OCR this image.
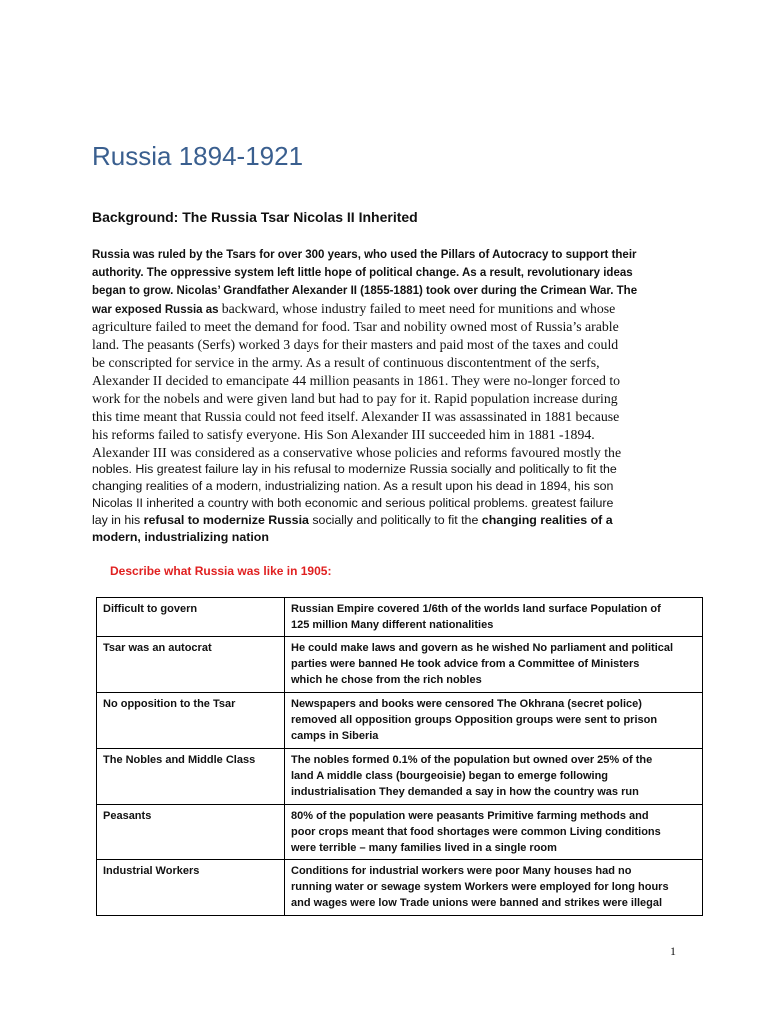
Russia 1894-1921
Background: The Russia Tsar Nicolas II Inherited
Russia was ruled by the Tsars for over 300 years, who used the Pillars of Autocracy to support their
authority. The oppressive system left little hope of political change. As a result, revolutionary ideas
began to grow. Nicolas’ Grandfather Alexander II (1855-1881) took over during the Crimean War. The
war exposed Russia as backward, whose industry failed to meet need for munitions and whose
agriculture failed to meet the demand for food. Tsar and nobility owned most of Russia’s arable
land. The peasants (Serfs) worked 3 days for their masters and paid most of the taxes and could
be conscripted for service in the army. As a result of continuous discontentment of the serfs,
Alexander II decided to emancipate 44 million peasants in 1861. They were no-longer forced to
work for the nobels and were given land but had to pay for it. Rapid population increase during
this time meant that Russia could not feed itself. Alexander II was assassinated in 1881 because
his reforms failed to satisfy everyone. His Son Alexander III succeeded him in 1881 -1894.
Alexander III was considered as a conservative whose policies and reforms favoured mostly the
nobles. His greatest failure lay in his refusal to modernize Russia socially and politically to fit the
changing realities of a modern, industrializing nation. As a result upon his dead in 1894, his son
Nicolas II inherited a country with both economic and serious political problems. greatest failure
lay in his refusal to modernize Russia socially and politically to fit the changing realities of a
modern, industrializing nation
Describe what Russia was like in 1905:
Difficult to govern	Russian Empire covered 1/6th of the worlds land surface Population of
125 million Many different nationalities

Tsar was an autocrat	He could make laws and govern as he wished No parliament and political
parties were banned He took advice from a Committee of Ministers
which he chose from the rich nobles

No opposition to the Tsar	Newspapers and books were censored The Okhrana (secret police)
removed all opposition groups Opposition groups were sent to prison
camps in Siberia

The Nobles and Middle Class	The nobles formed 0.1% of the population but owned over 25% of the
land A middle class (bourgeoisie) began to emerge following
industrialisation They demanded a say in how the country was run

Peasants	80% of the population were peasants Primitive farming methods and
poor crops meant that food shortages were common Living conditions
were terrible – many families lived in a single room

Industrial Workers	Conditions for industrial workers were poor Many houses had no
running water or sewage system Workers were employed for long hours
and wages were low Trade unions were banned and strikes were illegal
1
